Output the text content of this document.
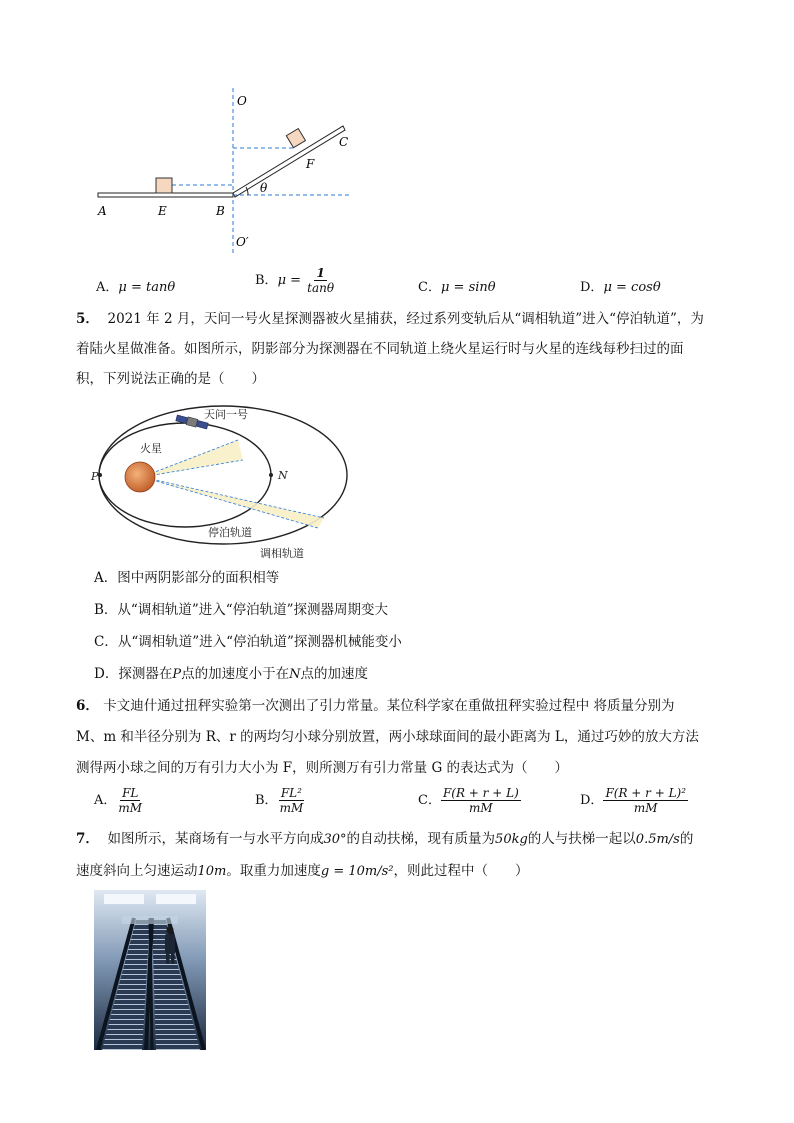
O
C
F
θ
A	E	B
O′
A．μ = tanθ	B．$\mu = \frac{1}{\tan\theta}$	C．μ = sinθ	D．μ = cosθ
5． 2021 年 2 月，天问一号火星探测器被火星捕获，经过系列变轨后从“调相轨道”进入“停泊轨道”，为
着陆火星做准备。如图所示，阴影部分为探测器在不同轨道上绕火星运行时与火星的连线每秒扫过的面
积，下列说法正确的是（　　）
天问一号
火星
P	N
停泊轨道
调相轨道
A．图中两阴影部分的面积相等
B．从“调相轨道”进入“停泊轨道”探测器周期变大
C．从“调相轨道”进入“停泊轨道”探测器机械能变小
D．探测器在P点的加速度小于在N点的加速度
6． 卡文迪什通过扭秤实验第一次测出了引力常量。某位科学家在重做扭秤实验过程中 将质量分别为
M、m 和半径分别为 R、r 的两均匀小球分别放置，两小球球面间的最小距离为 L，通过巧妙的放大方法
测得两小球之间的万有引力大小为 F，则所测万有引力常量 G 的表达式为（　　）
A． $\frac{FL}{mM}$	B． $\frac{\text{FL²}}{mM}$	C． $\frac{F(R + r + L)}{mM}$	D． $\frac{\text{F(R + r + L)²}}{mM}$
7． 如图所示，某商场有一与水平方向成30°的自动扶梯，现有质量为50kg的人与扶梯一起以0.5m/s的
速度斜向上匀速运动10m。取重力加速度g = 10m/s²，则此过程中（　　）
